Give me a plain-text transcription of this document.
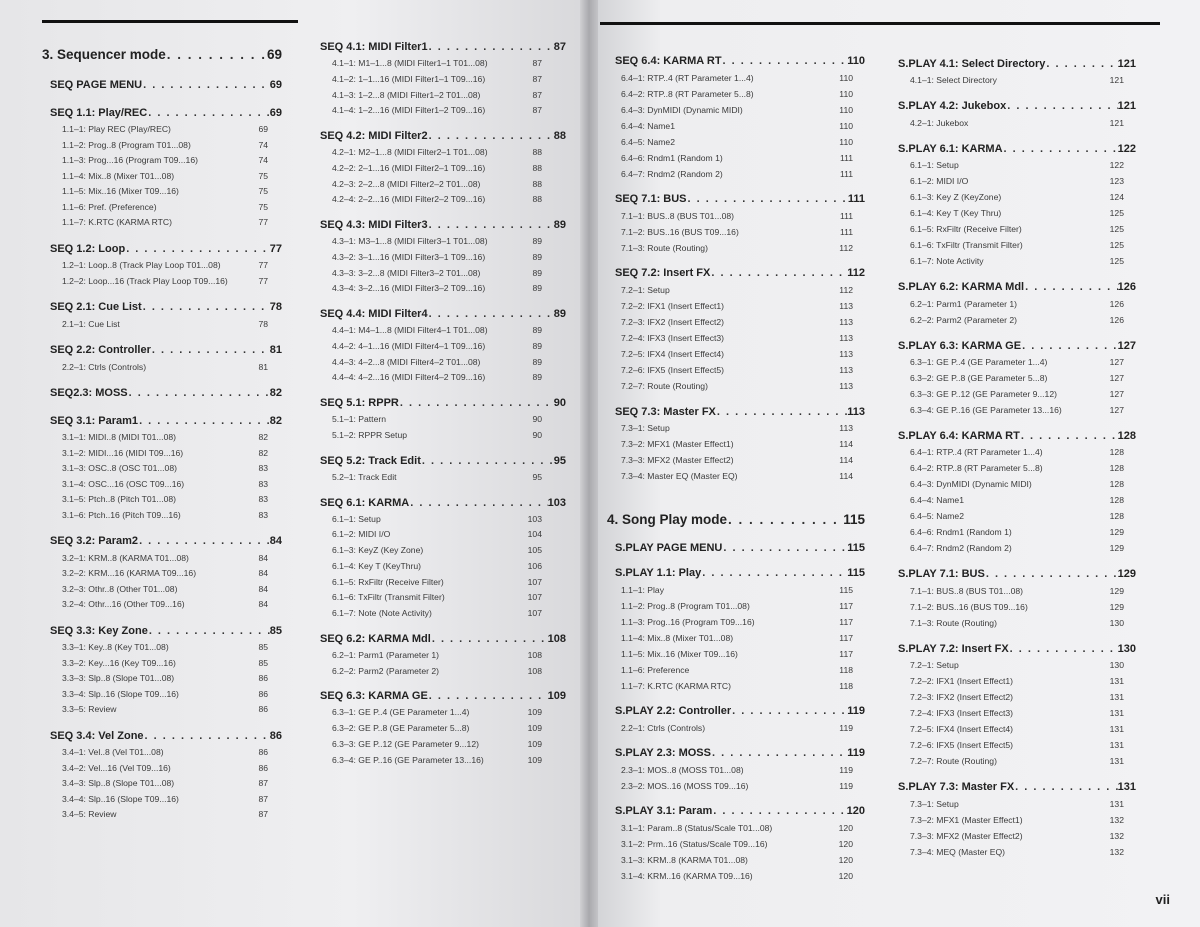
3. Sequencer mode . . .	69
SEQ PAGE MENU . . .	69
SEQ 1.1: Play/REC . . .	69
1.1–1: Play REC (Play/REC)	69
1.1–2: Prog..8 (Program T01...08)	74
1.1–3: Prog...16 (Program T09...16)	74
1.1–4: Mix..8 (Mixer T01...08)	75
1.1–5: Mix..16 (Mixer T09...16)	75
1.1–6: Pref. (Preference)	75
1.1–7: K.RTC (KARMA RTC)	77
SEQ 1.2: Loop . . .	77
1.2–1: Loop..8 (Track Play Loop T01...08)	77
1.2–2: Loop...16 (Track Play Loop T09...16)	77
SEQ 2.1: Cue List . . .	78
2.1–1: Cue List	78
SEQ 2.2: Controller . . .	81
2.2–1: Ctrls (Controls)	81
SEQ2.3: MOSS . . .	82
SEQ 3.1: Param1 . . .	82
3.1–1: MIDI..8 (MIDI T01...08)	82
3.1–2: MIDI...16 (MIDI T09...16)	82
3.1–3: OSC..8 (OSC T01...08)	83
3.1–4: OSC...16 (OSC T09...16)	83
3.1–5: Ptch..8 (Pitch T01...08)	83
3.1–6: Ptch..16 (Pitch T09...16)	83
SEQ 3.2: Param2 . . .	84
3.2–1: KRM..8 (KARMA T01...08)	84
3.2–2: KRM...16 (KARMA T09...16)	84
3.2–3: Othr..8 (Other T01...08)	84
3.2–4: Othr...16 (Other T09...16)	84
SEQ 3.3: Key Zone . . .	85
3.3–1: Key..8 (Key T01...08)	85
3.3–2: Key...16 (Key T09...16)	85
3.3–3: Slp..8 (Slope T01...08)	86
3.3–4: Slp..16 (Slope T09...16)	86
3.3–5: Review	86
SEQ 3.4: Vel Zone . . .	86
3.4–1: Vel..8 (Vel T01...08)	86
3.4–2: Vel...16 (Vel T09...16)	86
3.4–3: Slp..8 (Slope T01...08)	87
3.4–4: Slp..16 (Slope T09...16)	87
3.4–5: Review	87
SEQ 4.1: MIDI Filter1 . . .	87
4.1–1: M1–1...8 (MIDI Filter1–1 T01...08)	87
4.1–2: 1–1...16 (MIDI Filter1–1 T09...16)	87
4.1–3: 1–2...8 (MIDI Filter1–2 T01...08)	87
4.1–4: 1–2...16 (MIDI Filter1–2 T09...16)	87
SEQ 4.2: MIDI Filter2 . . .	88
4.2–1: M2–1...8 (MIDI Filter2–1 T01...08)	88
4.2–2: 2–1...16 (MIDI Filter2–1 T09...16)	88
4.2–3: 2–2...8 (MIDI Filter2–2 T01...08)	88
4.2–4: 2–2...16 (MIDI Filter2–2 T09...16)	88
SEQ 4.3: MIDI Filter3 . . .	89
4.3–1: M3–1...8 (MIDI Filter3–1 T01...08)	89
4.3–2: 3–1...16 (MIDI Filter3–1 T09...16)	89
4.3–3: 3–2...8 (MIDI Filter3–2 T01...08)	89
4.3–4: 3–2...16 (MIDI Filter3–2 T09...16)	89
SEQ 4.4: MIDI Filter4 . . .	89
4.4–1: M4–1...8 (MIDI Filter4–1 T01...08)	89
4.4–2: 4–1...16 (MIDI Filter4–1 T09...16)	89
4.4–3: 4–2...8 (MIDI Filter4–2 T01...08)	89
4.4–4: 4–2...16 (MIDI Filter4–2 T09...16)	89
SEQ 5.1: RPPR . . .	90
5.1–1: Pattern	90
5.1–2: RPPR Setup	90
SEQ 5.2: Track Edit . . .	95
5.2–1: Track Edit	95
SEQ 6.1: KARMA . . .	103
6.1–1: Setup	103
6.1–2: MIDI I/O	104
6.1–3: KeyZ (Key Zone)	105
6.1–4: Key T (KeyThru)	106
6.1–5: RxFiltr (Receive Filter)	107
6.1–6: TxFiltr (Transmit Filter)	107
6.1–7: Note (Note Activity)	107
SEQ 6.2: KARMA Mdl . . .	108
6.2–1: Parm1 (Parameter 1)	108
6.2–2: Parm2 (Parameter 2)	108
SEQ 6.3: KARMA GE . . .	109
6.3–1: GE P..4 (GE Parameter 1...4)	109
6.3–2: GE P..8 (GE Parameter 5...8)	109
6.3–3: GE P..12 (GE Parameter 9...12)	109
6.3–4: GE P..16 (GE Parameter 13...16)	109
SEQ 6.4: KARMA RT . . .	110
6.4–1: RTP..4 (RT Parameter 1...4)	110
6.4–2: RTP..8 (RT Parameter 5...8)	110
6.4–3: DynMIDI (Dynamic MIDI)	110
6.4–4: Name1	110
6.4–5: Name2	110
6.4–6: Rndm1 (Random 1)	111
6.4–7: Rndm2 (Random 2)	111
SEQ 7.1: BUS . . .	111
7.1–1: BUS..8 (BUS T01...08)	111
7.1–2: BUS..16 (BUS T09...16)	111
7.1–3: Route (Routing)	112
SEQ 7.2: Insert FX . . .	112
7.2–1: Setup	112
7.2–2: IFX1 (Insert Effect1)	113
7.2–3: IFX2 (Insert Effect2)	113
7.2–4: IFX3 (Insert Effect3)	113
7.2–5: IFX4 (Insert Effect4)	113
7.2–6: IFX5 (Insert Effect5)	113
7.2–7: Route (Routing)	113
SEQ 7.3: Master FX . . .	113
7.3–1: Setup	113
7.3–2: MFX1 (Master Effect1)	114
7.3–3: MFX2 (Master Effect2)	114
7.3–4: Master EQ (Master EQ)	114
4. Song Play mode . . .	115
S.PLAY PAGE MENU . . .	115
S.PLAY 1.1: Play . . .	115
1.1–1: Play	115
1.1–2: Prog..8 (Program T01...08)	117
1.1–3: Prog..16 (Program T09...16)	117
1.1–4: Mix..8 (Mixer T01...08)	117
1.1–5: Mix..16 (Mixer T09...16)	117
1.1–6: Preference	118
1.1–7: K.RTC (KARMA RTC)	118
S.PLAY 2.2: Controller . . .	119
2.2–1: Ctrls (Controls)	119
S.PLAY 2.3: MOSS . . .	119
2.3–1: MOS..8 (MOSS T01...08)	119
2.3–2: MOS..16 (MOSS T09...16)	119
S.PLAY 3.1: Param . . .	120
3.1–1: Param..8 (Status/Scale T01...08)	120
3.1–2: Prm..16 (Status/Scale T09...16)	120
3.1–3: KRM..8 (KARMA T01...08)	120
3.1–4: KRM..16 (KARMA T09...16)	120
S.PLAY 4.1: Select Directory . . .	121
4.1–1: Select Directory	121
S.PLAY 4.2: Jukebox . . .	121
4.2–1: Jukebox	121
S.PLAY 6.1: KARMA . . .	122
6.1–1: Setup	122
6.1–2: MIDI I/O	123
6.1–3: Key Z (KeyZone)	124
6.1–4: Key T (Key Thru)	125
6.1–5: RxFiltr (Receive Filter)	125
6.1–6: TxFiltr (Transmit Filter)	125
6.1–7: Note Activity	125
S.PLAY 6.2: KARMA Mdl . . .	126
6.2–1: Parm1 (Parameter 1)	126
6.2–2: Parm2 (Parameter 2)	126
S.PLAY 6.3: KARMA GE . . .	127
6.3–1: GE P..4 (GE Parameter 1...4)	127
6.3–2: GE P..8 (GE Parameter 5...8)	127
6.3–3: GE P..12 (GE Parameter 9...12)	127
6.3–4: GE P..16 (GE Parameter 13...16)	127
S.PLAY 6.4: KARMA RT . . .	128
6.4–1: RTP..4 (RT Parameter 1...4)	128
6.4–2: RTP..8 (RT Parameter 5...8)	128
6.4–3: DynMIDI (Dynamic MIDI)	128
6.4–4: Name1	128
6.4–5: Name2	128
6.4–6: Rndm1 (Random 1)	129
6.4–7: Rndm2 (Random 2)	129
S.PLAY 7.1: BUS . . .	129
7.1–1: BUS..8 (BUS T01...08)	129
7.1–2: BUS..16 (BUS T09...16)	129
7.1–3: Route (Routing)	130
S.PLAY 7.2: Insert FX . . .	130
7.2–1: Setup	130
7.2–2: IFX1 (Insert Effect1)	131
7.2–3: IFX2 (Insert Effect2)	131
7.2–4: IFX3 (Insert Effect3)	131
7.2–5: IFX4 (Insert Effect4)	131
7.2–6: IFX5 (Insert Effect5)	131
7.2–7: Route (Routing)	131
S.PLAY 7.3: Master FX . . .	131
7.3–1: Setup	131
7.3–2: MFX1 (Master Effect1)	132
7.3–3: MFX2 (Master Effect2)	132
7.3–4: MEQ (Master EQ)	132
vii
